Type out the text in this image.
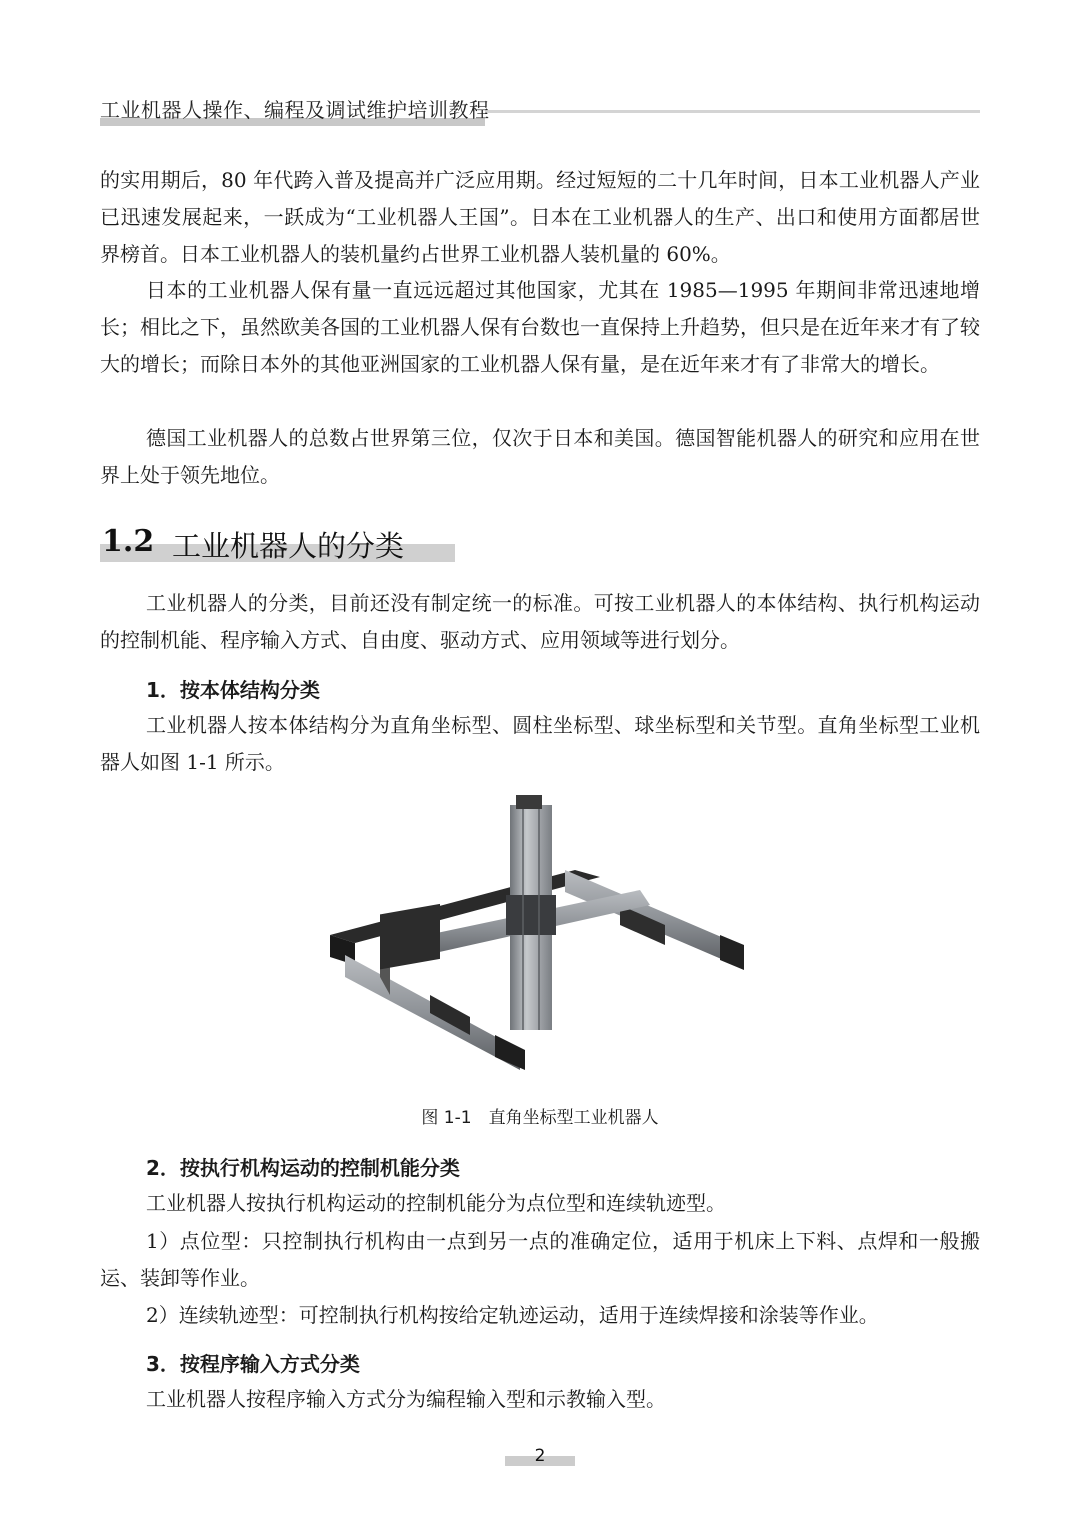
工业机器人操作、编程及调试维护培训教程

的实用期后，80 年代跨入普及提高并广泛应用期。经过短短的二十几年时间，日本工业机器人产业已迅速发展起来，一跃成为“工业机器人王国”。日本在工业机器人的生产、出口和使用方面都居世界榜首。日本工业机器人的装机量约占世界工业机器人装机量的 60%。

日本的工业机器人保有量一直远远超过其他国家，尤其在 1985—1995 年期间非常迅速地增长；相比之下，虽然欧美各国的工业机器人保有台数也一直保持上升趋势，但只是在近年来才有了较大的增长；而除日本外的其他亚洲国家的工业机器人保有量，是在近年来才有了非常大的增长。

德国工业机器人的总数占世界第三位，仅次于日本和美国。德国智能机器人的研究和应用在世界上处于领先地位。

1.2 工业机器人的分类

工业机器人的分类，目前还没有制定统一的标准。可按工业机器人的本体结构、执行机构运动的控制机能、程序输入方式、自由度、驱动方式、应用领域等进行划分。

1．按本体结构分类

工业机器人按本体结构分为直角坐标型、圆柱坐标型、球坐标型和关节型。直角坐标型工业机器人如图 1-1 所示。

图 1-1　直角坐标型工业机器人
2．按执行机构运动的控制机能分类

工业机器人按执行机构运动的控制机能分为点位型和连续轨迹型。

1）点位型：只控制执行机构由一点到另一点的准确定位，适用于机床上下料、点焊和一般搬运、装卸等作业。

2）连续轨迹型：可控制执行机构按给定轨迹运动，适用于连续焊接和涂装等作业。

3．按程序输入方式分类

工业机器人按程序输入方式分为编程输入型和示教输入型。

2
